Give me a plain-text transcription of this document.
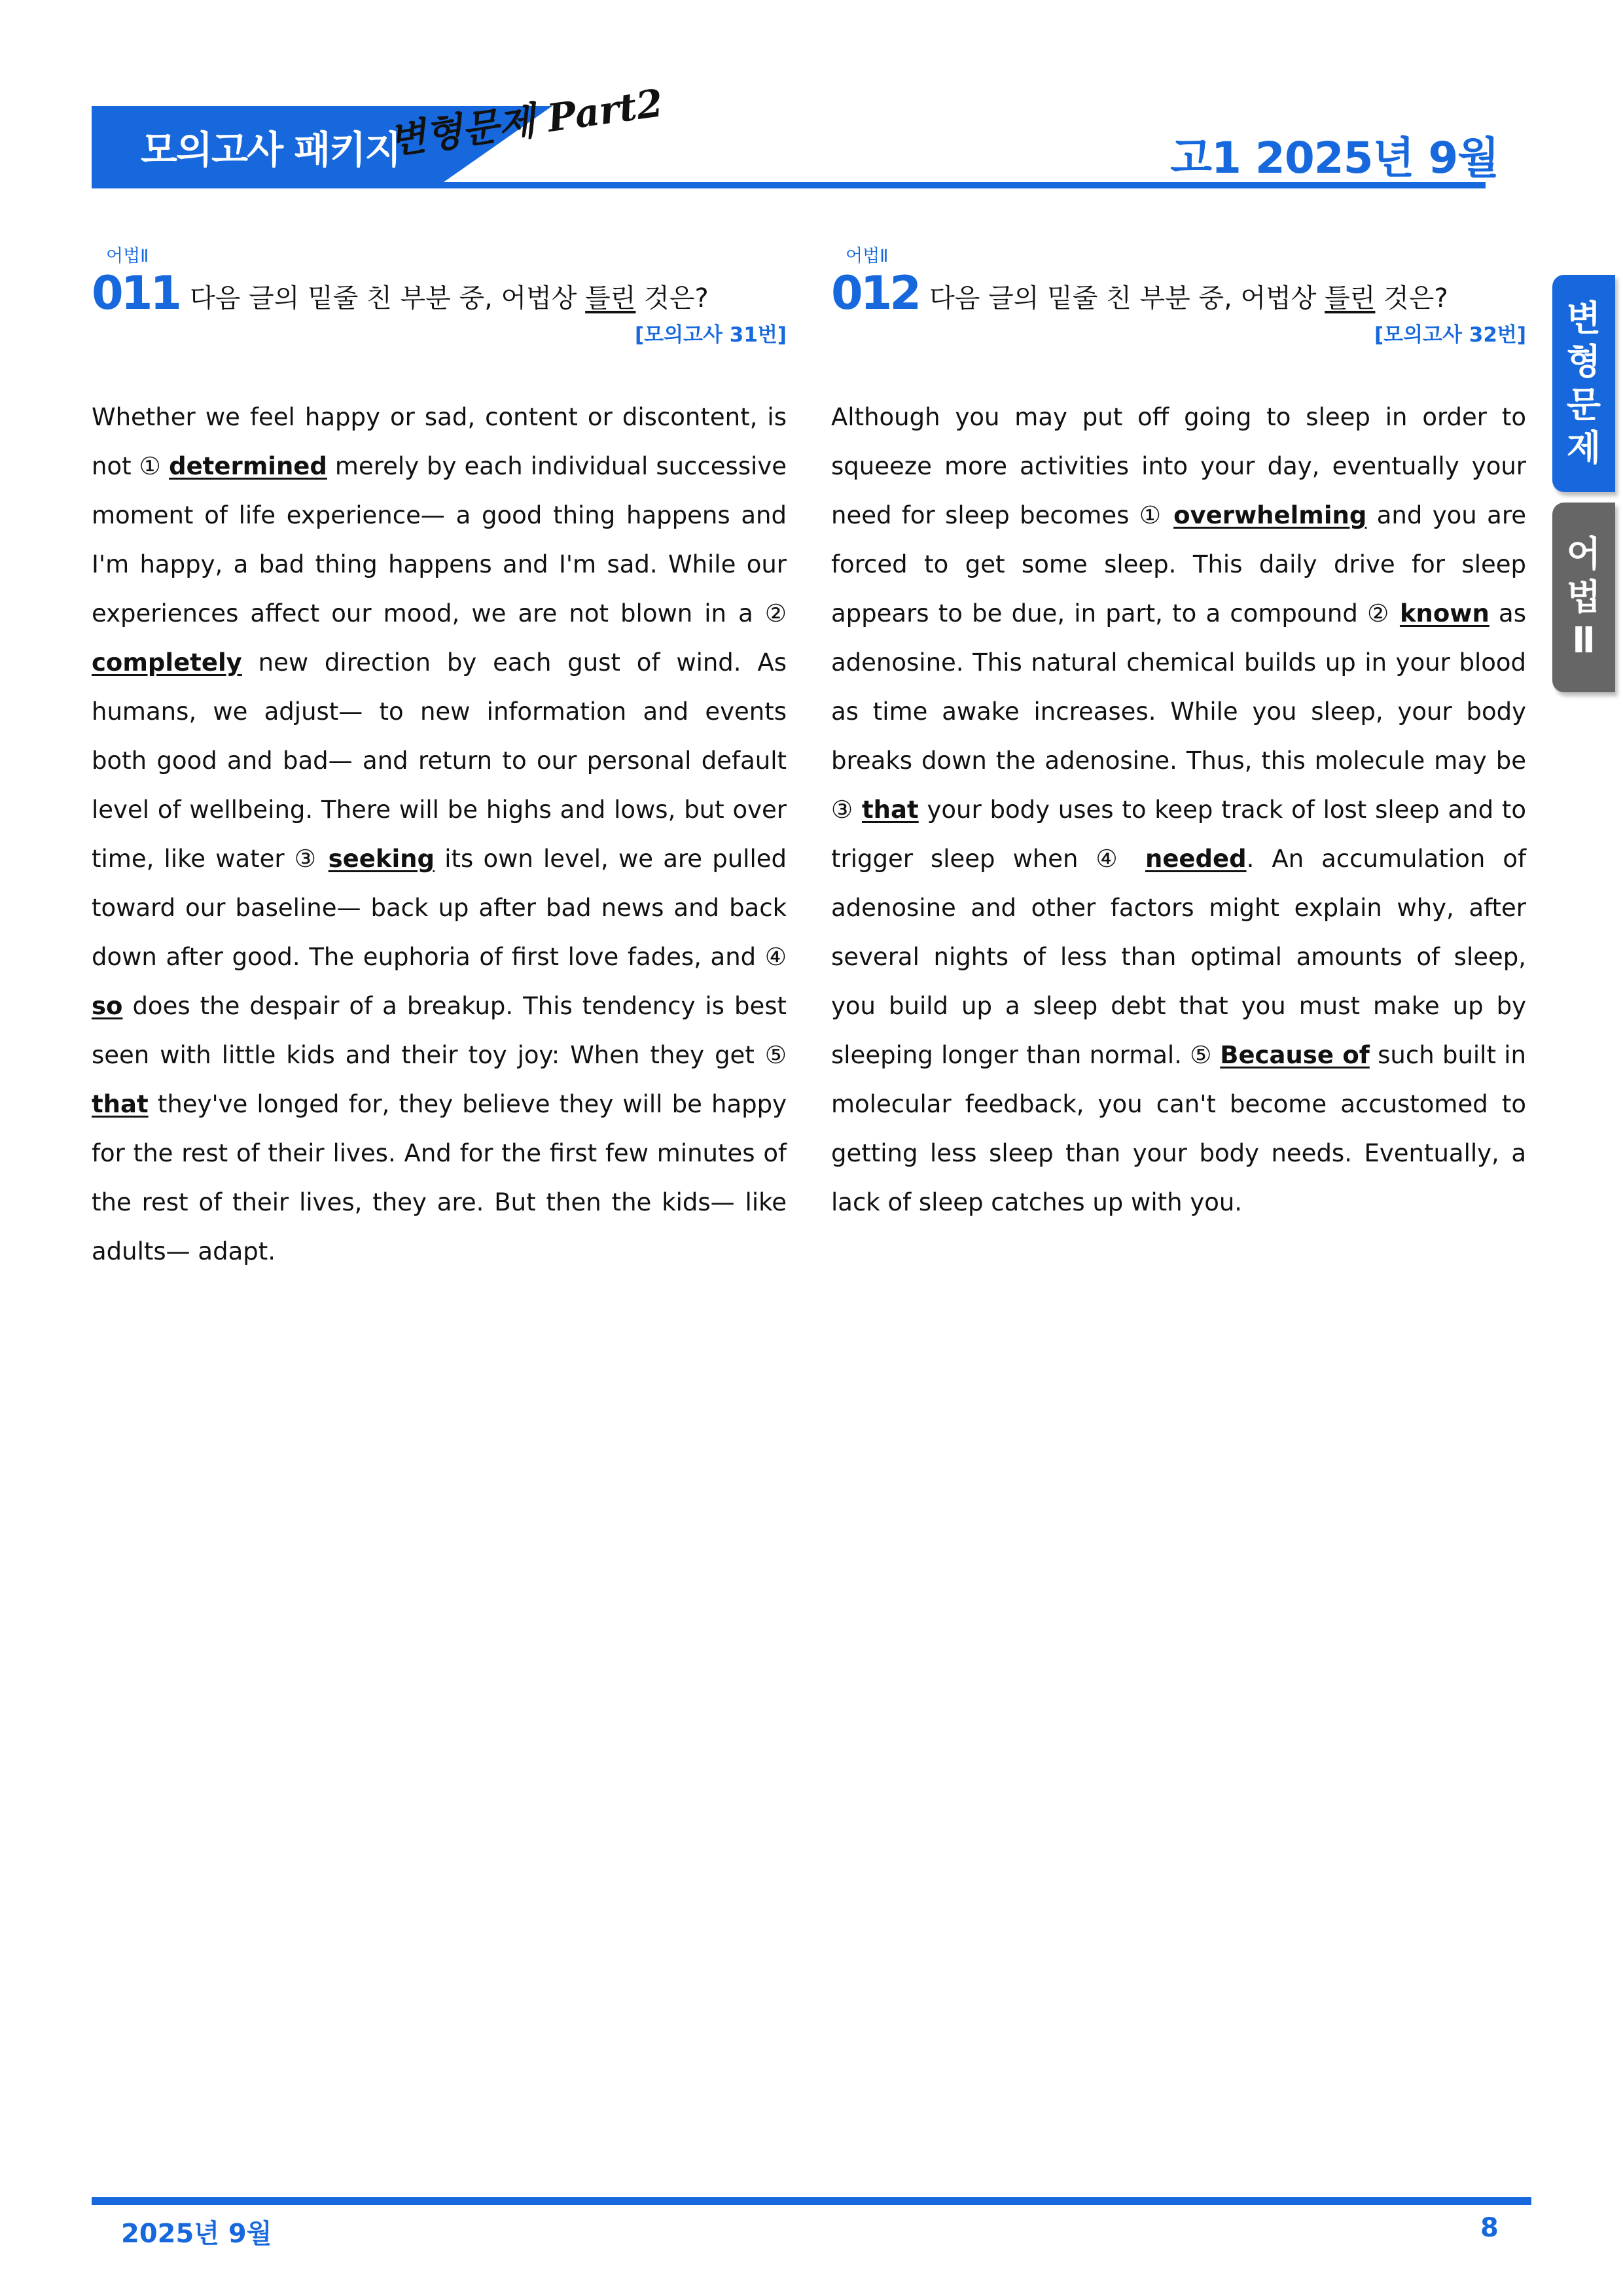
모의고사 패키지
변형문제 Part2	고1 2025년 9월
변
형
문
제
어
법
Ⅱ
어법Ⅱ
011 다음 글의 밑줄 친 부분 중, 어법상 틀린 것은?
[모의고사 31번]
Whether we feel happy or sad, content or discontent, is not ① determined merely by each individual successive moment of life experience— a good thing happens and I'm happy, a bad thing happens and I'm sad. While our experiences affect our mood, we are not blown in a ② completely new direction by each gust of wind. As humans, we adjust— to new information and events both good and bad— and return to our personal default level of wellbeing. There will be highs and lows, but over time, like water ③ seeking its own level, we are pulled toward our baseline— back up after bad news and back down after good. The euphoria of first love fades, and ④ so does the despair of a breakup. This tendency is best seen with little kids and their toy joy: When they get ⑤ that they've longed for, they believe they will be happy for the rest of their lives. And for the first few minutes of the rest of their lives, they are. But then the kids— like adults— adapt.
어법Ⅱ
012 다음 글의 밑줄 친 부분 중, 어법상 틀린 것은?
[모의고사 32번]
Although you may put off going to sleep in order to squeeze more activities into your day, eventually your need for sleep becomes ① overwhelming and you are forced to get some sleep. This daily drive for sleep appears to be due, in part, to a compound ② known as adenosine. This natural chemical builds up in your blood as time awake increases. While you sleep, your body breaks down the adenosine. Thus, this molecule may be ③ that your body uses to keep track of lost sleep and to trigger sleep when ④ needed. An accumulation of adenosine and other factors might explain why, after several nights of less than optimal amounts of sleep, you build up a sleep debt that you must make up by sleeping longer than normal. ⑤ Because of such built in molecular feedback, you can't become accustomed to getting less sleep than your body needs. Eventually, a lack of sleep catches up with you.
2025년 9월	8
